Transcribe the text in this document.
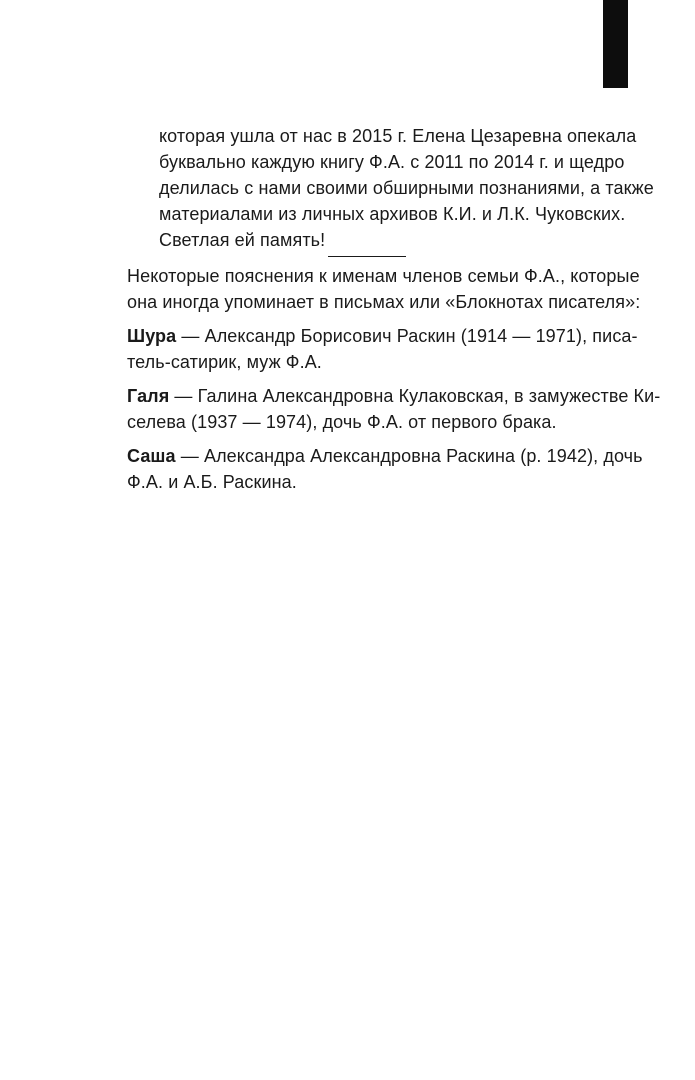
которая ушла от нас в 2015 г. Елена Цезаревна опекала
буквально каждую книгу Ф.А. с 2011 по 2014 г. и щедро
делилась с нами своими обширными познаниями, а также
материалами из личных архивов К.И. и Л.К. Чуковских.
Светлая ей память!
Некоторые пояснения к именам членов семьи Ф.А., которые
она иногда упоминает в письмах или «Блокнотах писателя»:
Шура — Александр Борисович Раскин (1914 — 1971), писа-
тель-сатирик, муж Ф.А.
Галя — Галина Александровна Кулаковская, в замужестве Ки-
селева (1937 — 1974), дочь Ф.А. от первого брака.
Саша — Александра Александровна Раскина (р. 1942), дочь
Ф.А. и А.Б. Раскина.
